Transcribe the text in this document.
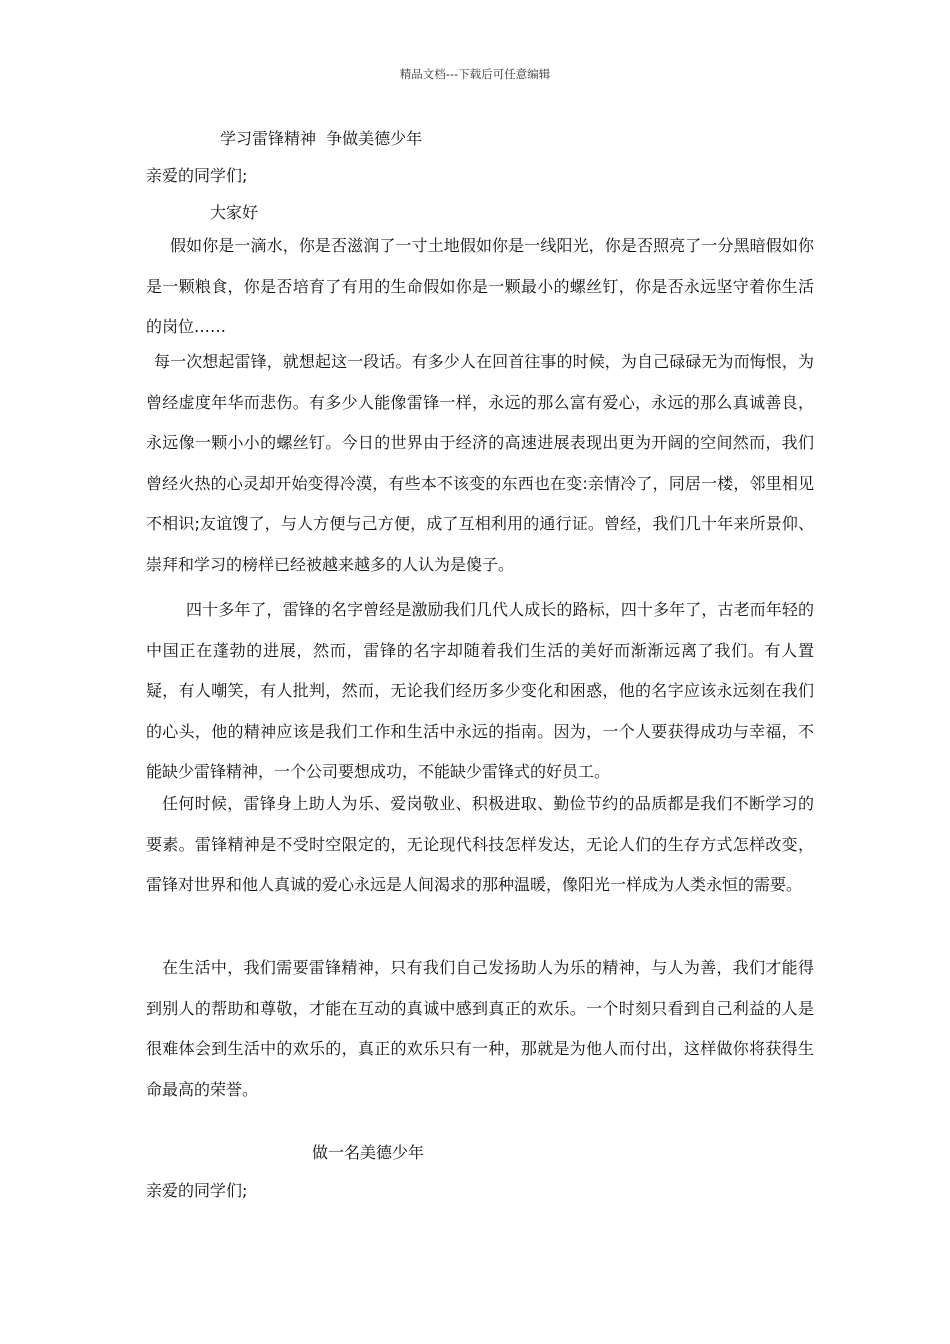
精品文档---下载后可任意编辑
学习雷锋精神  争做美德少年
亲爱的同学们;
大家好

假如你是一滴水，你是否滋润了一寸土地假如你是一线阳光，你是否照亮了一分黑暗假如你是一颗粮食，你是否培育了有用的生命假如你是一颗最小的螺丝钉，你是否永远坚守着你生活的岗位……

每一次想起雷锋，就想起这一段话。有多少人在回首往事的时候，为自己碌碌无为而悔恨，为曾经虚度年华而悲伤。有多少人能像雷锋一样，永远的那么富有爱心，永远的那么真诚善良，永远像一颗小小的螺丝钉。今日的世界由于经济的高速进展表现出更为开阔的空间然而，我们曾经火热的心灵却开始变得冷漠，有些本不该变的东西也在变:亲情冷了，同居一楼，邻里相见不相识;友谊馊了，与人方便与己方便，成了互相利用的通行证。曾经，我们几十年来所景仰、崇拜和学习的榜样已经被越来越多的人认为是傻子。

四十多年了，雷锋的名字曾经是激励我们几代人成长的路标，四十多年了，古老而年轻的中国正在蓬勃的进展，然而，雷锋的名字却随着我们生活的美好而渐渐远离了我们。有人置疑，有人嘲笑，有人批判，然而，无论我们经历多少变化和困惑，他的名字应该永远刻在我们的心头，他的精神应该是我们工作和生活中永远的指南。因为，一个人要获得成功与幸福，不能缺少雷锋精神，一个公司要想成功，不能缺少雷锋式的好员工。

任何时候，雷锋身上助人为乐、爱岗敬业、积极进取、勤俭节约的品质都是我们不断学习的要素。雷锋精神是不受时空限定的，无论现代科技怎样发达，无论人们的生存方式怎样改变，雷锋对世界和他人真诚的爱心永远是人间渴求的那种温暖，像阳光一样成为人类永恒的需要。

在生活中，我们需要雷锋精神，只有我们自己发扬助人为乐的精神，与人为善，我们才能得到别人的帮助和尊敬，才能在互动的真诚中感到真正的欢乐。一个时刻只看到自己利益的人是很难体会到生活中的欢乐的，真正的欢乐只有一种，那就是为他人而付出，这样做你将获得生命最高的荣誉。

做一名美德少年
亲爱的同学们;
